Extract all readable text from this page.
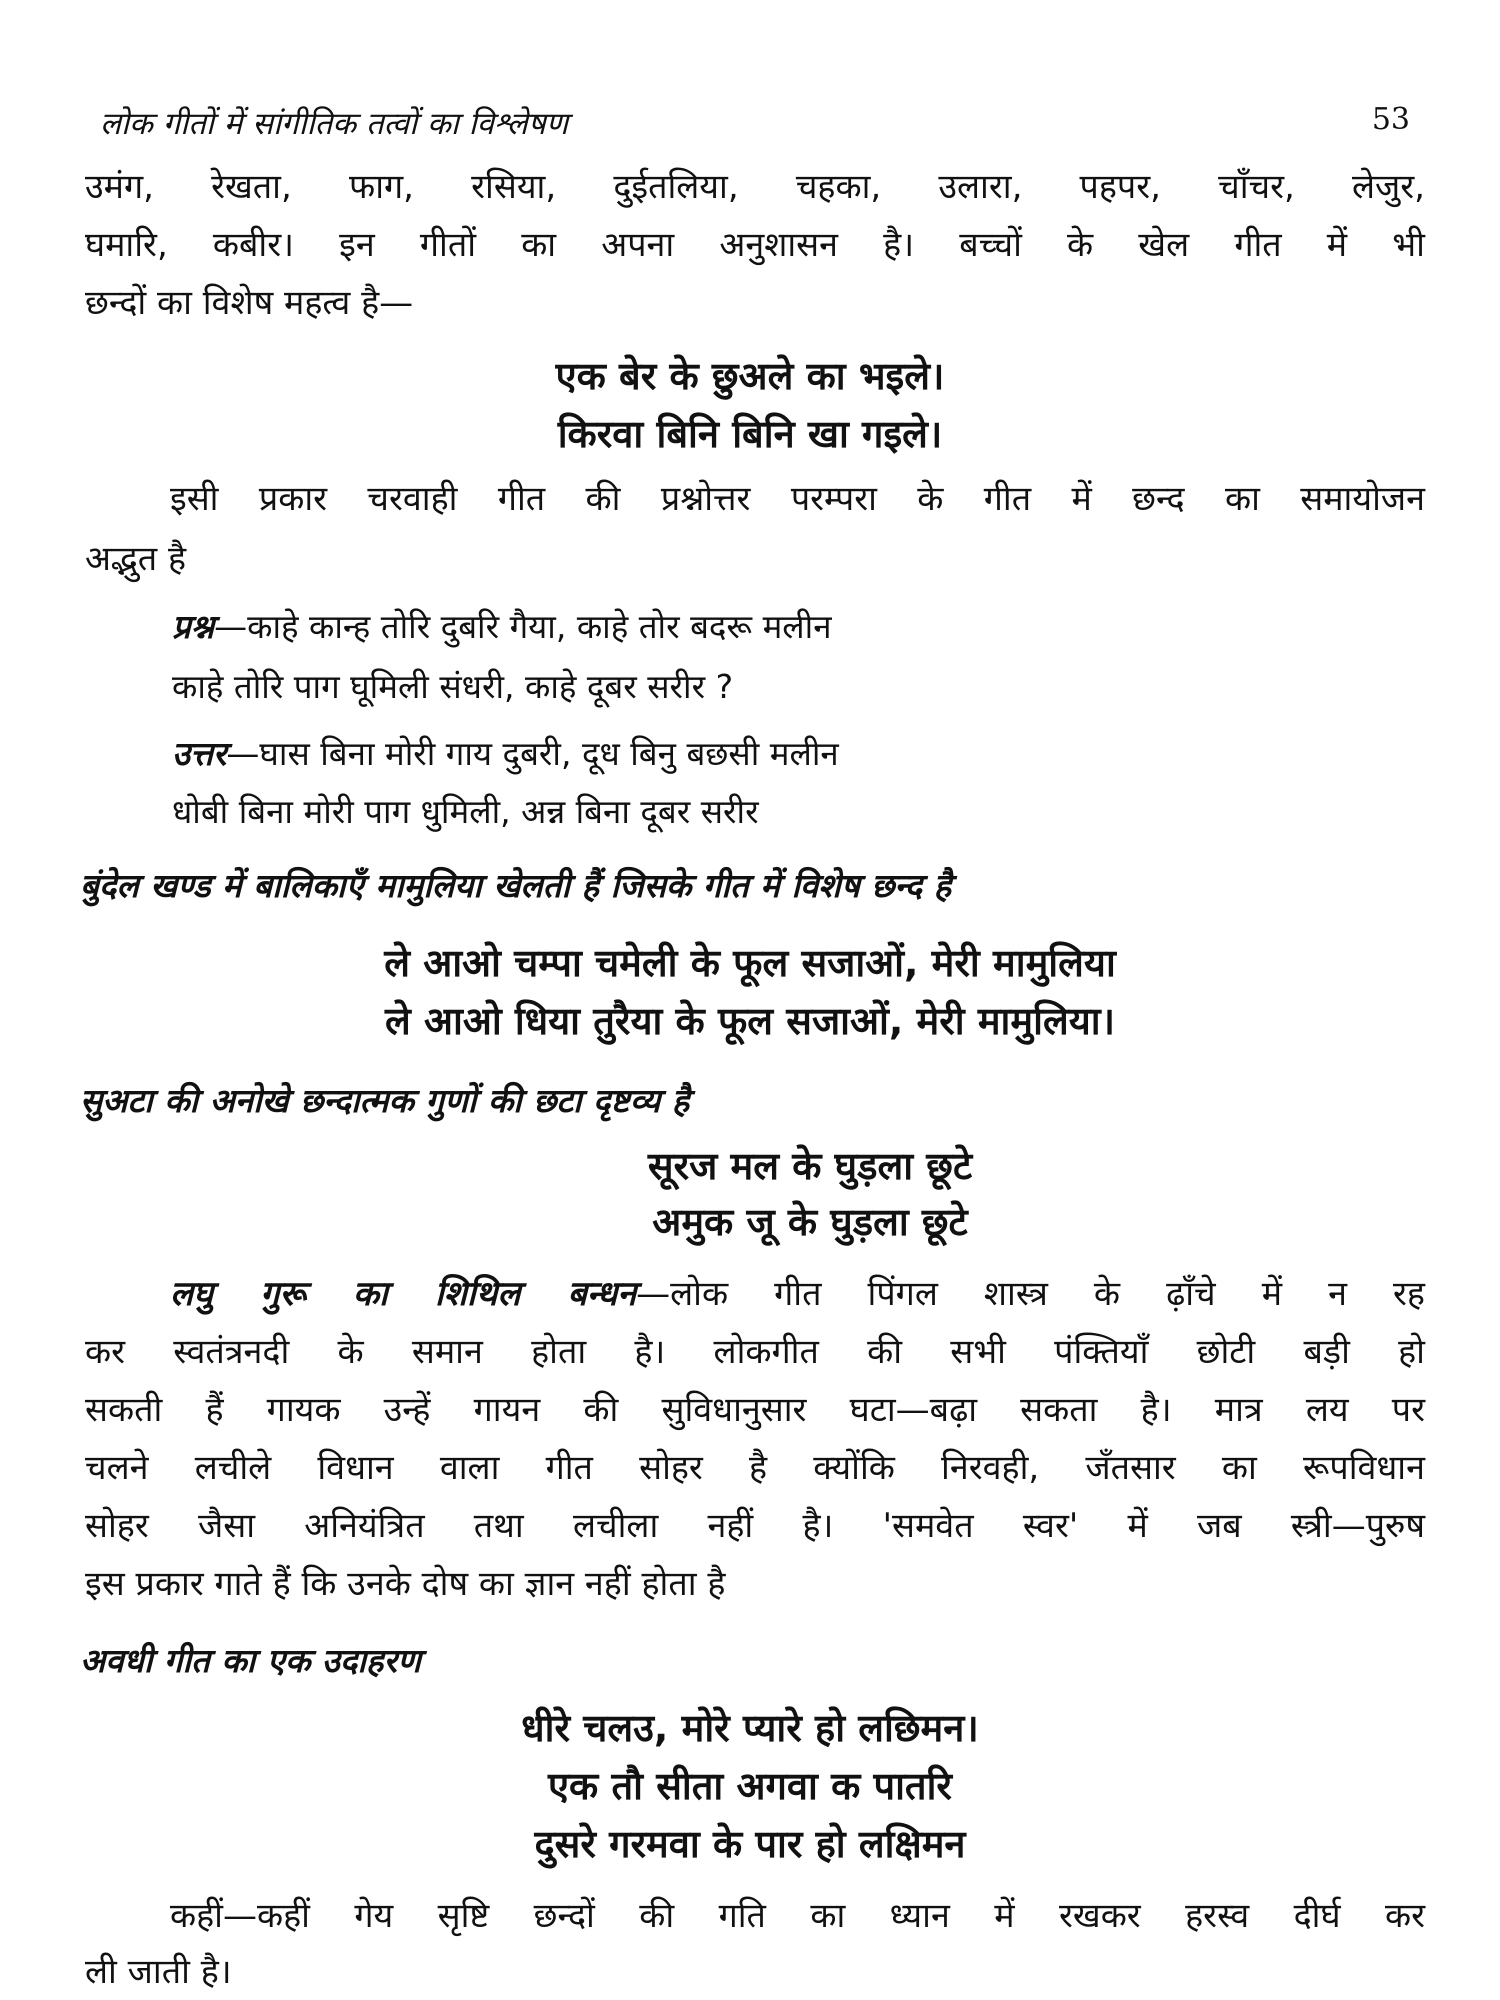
लोक गीतों में सांगीतिक तत्वों का विश्लेषण	53
उमंग, रेखता, फाग, रसिया, दुईतलिया, चहका, उलारा, पहपर, चाँचर, लेजुर,
घमारि, कबीर। इन गीतों का अपना अनुशासन है। बच्चों के खेल गीत में भी
छन्दों का विशेष महत्व है—
एक बेर के छुअले का भइले।
किरवा बिनि बिनि खा गइले।
इसी प्रकार चरवाही गीत की प्रश्नोत्तर परम्परा के गीत में छन्द का समायोजन
अद्भुत है
प्रश्न—काहे कान्ह तोरि दुबरि गैया, काहे तोर बदरू मलीन
काहे तोरि पाग घूमिली संधरी, काहे दूबर सरीर ?
उत्तर—घास बिना मोरी गाय दुबरी, दूध बिनु बछसी मलीन
धोबी बिना मोरी पाग धुमिली, अन्न बिना दूबर सरीर
बुंदेल खण्ड में बालिकाएँ मामुलिया खेलती हैं जिसके गीत में विशेष छन्द है
ले आओ चम्पा चमेली के फूल सजाओं, मेरी मामुलिया
ले आओ धिया तुरैया के फूल सजाओं, मेरी मामुलिया।
सुअटा की अनोखे छन्दात्मक गुणों की छटा दृष्टव्य है
सूरज मल के घुड़ला छूटे
अमुक जू के घुड़ला छूटे
लघु गुरू का शिथिल बन्धन—लोक गीत पिंगल शास्त्र के ढ़ाँचे में न रह
कर स्वतंत्रनदी के समान होता है। लोकगीत की सभी पंक्तियाँ छोटी बड़ी हो
सकती हैं गायक उन्हें गायन की सुविधानुसार घटा—बढ़ा सकता है। मात्र लय पर
चलने लचीले विधान वाला गीत सोहर है क्योंकि निरवही, जँतसार का रूपविधान
सोहर जैसा अनियंत्रित तथा लचीला नहीं है। 'समवेत स्वर' में जब स्त्री—पुरुष
इस प्रकार गाते हैं कि उनके दोष का ज्ञान नहीं होता है
अवधी गीत का एक उदाहरण
धीरे चलउ, मोरे प्यारे हो लछिमन।
एक तौ सीता अगवा क पातरि
दुसरे गरमवा के पार हो लक्षिमन
कहीं—कहीं गेय सृष्टि छन्दों की गति का ध्यान में रखकर हरस्व दीर्घ कर
ली जाती है।
